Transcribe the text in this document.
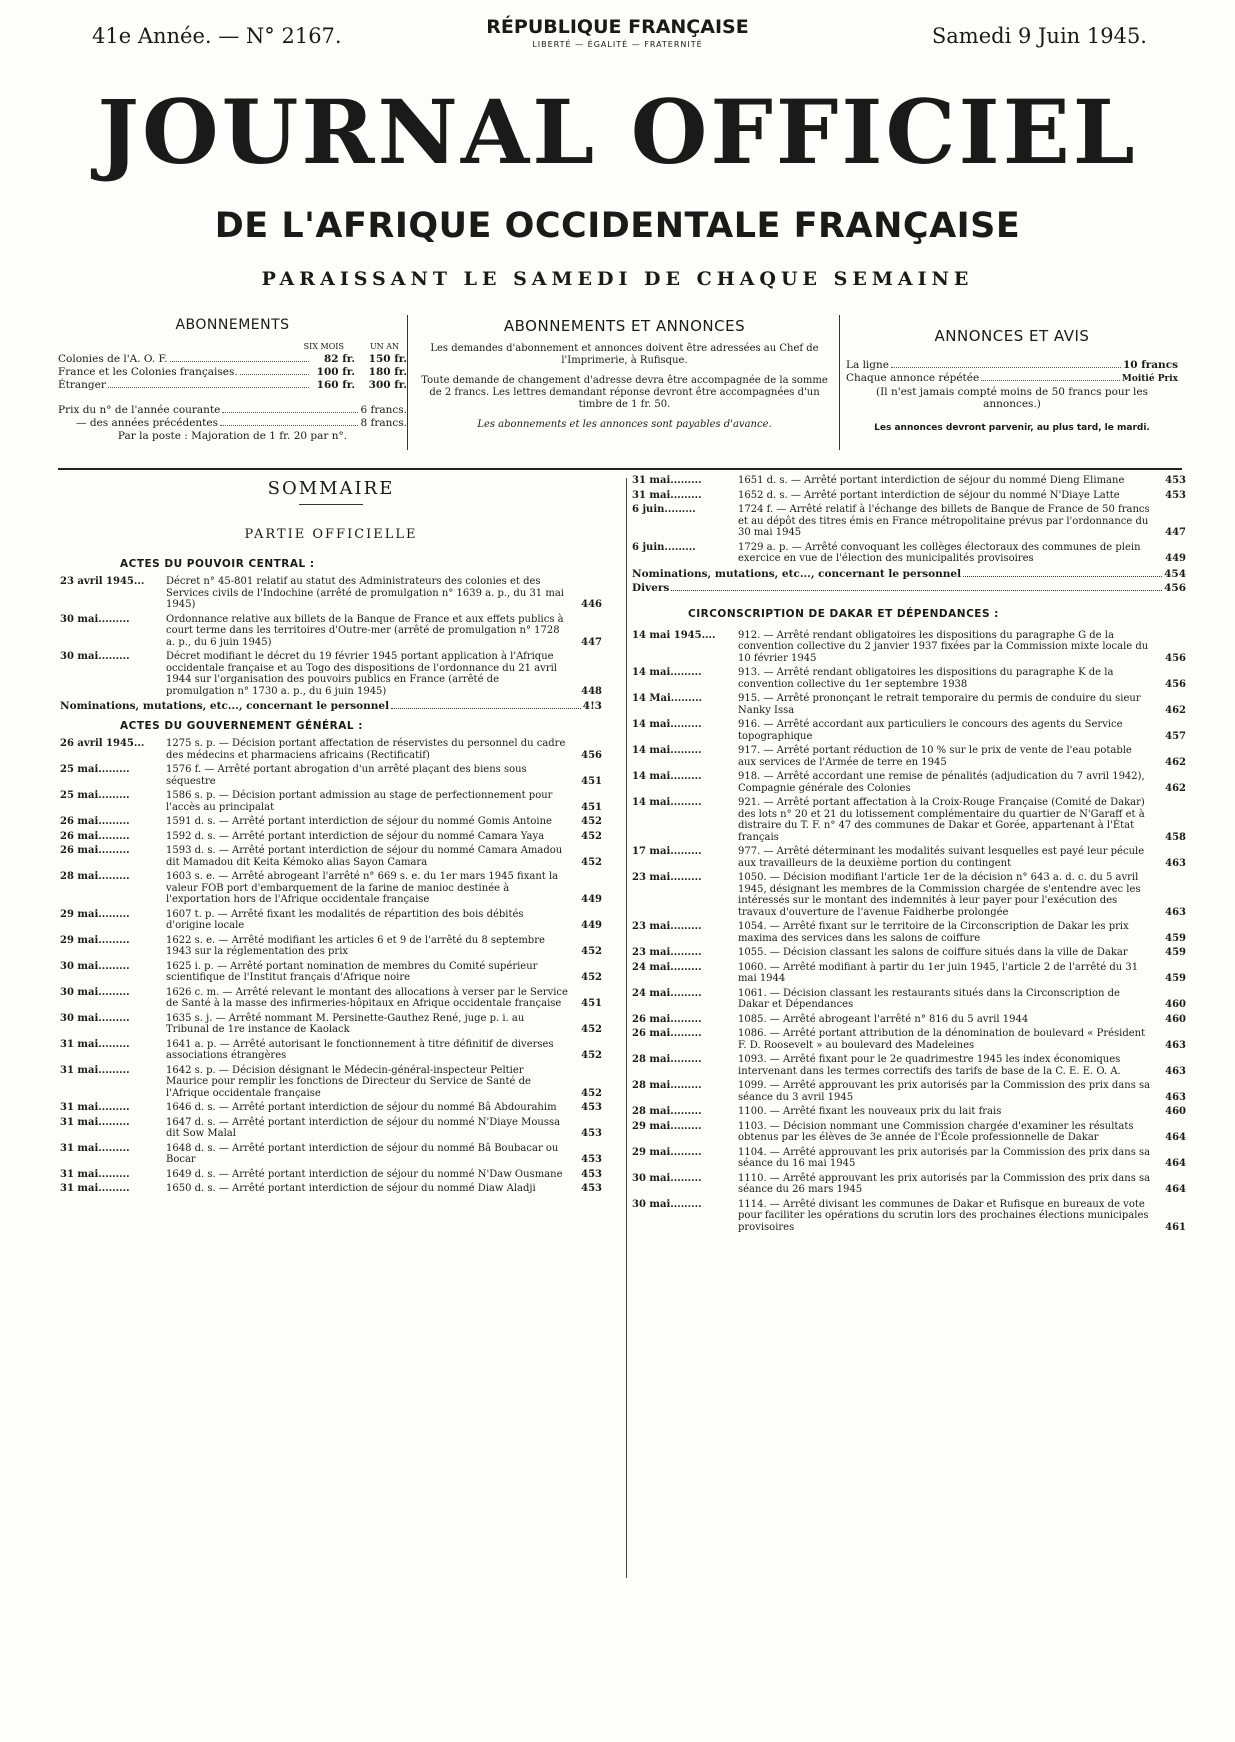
41e Année. — N° 2167.	RÉPUBLIQUE FRANÇAISE
LIBERTÉ — ÉGALITÉ — FRATERNITÉ	Samedi 9 Juin 1945.
JOURNAL OFFICIEL
DE L'AFRIQUE OCCIDENTALE FRANÇAISE
PARAISSANT LE SAMEDI DE CHAQUE SEMAINE
ABONNEMENTS
SIX MOIS	UN AN
Colonies de l'A. O. F.	82 fr.	150 fr.
France et les Colonies françaises.	100 fr.	180 fr.
Étranger	160 fr.	300 fr.
Prix du n° de l'année courante	6 francs.
— des années précédentes	8 francs.
Par la poste : Majoration de 1 fr. 20 par n°.
ABONNEMENTS ET ANNONCES
Les demandes d'abonnement et annonces doivent être adressées au Chef de l'Imprimerie, à Rufisque.
Toute demande de changement d'adresse devra être accompagnée de la somme de 2 francs. Les lettres demandant réponse devront être accompagnées d'un timbre de 1 fr. 50.
Les abonnements et les annonces sont payables d'avance.
ANNONCES ET AVIS
La ligne	10 francs
Chaque annonce répétée	Moitié Prix
(Il n'est jamais compté moins de 50 francs pour les annonces.)
Les annonces devront parvenir, au plus tard, le mardi.
SOMMAIRE
PARTIE OFFICIELLE
ACTES DU POUVOIR CENTRAL :
23 avril 1945...	Décret n° 45-801 relatif au statut des Administrateurs des colonies et des Services civils de l'Indochine (arrêté de promulgation n° 1639 a. p., du 31 mai 1945)	446
30 mai.........	Ordonnance relative aux billets de la Banque de France et aux effets publics à court terme dans les territoires d'Outre-mer (arrêté de promulgation n° 1728 a. p., du 6 juin 1945)	447
30 mai.........	Décret modifiant le décret du 19 février 1945 portant application à l'Afrique occidentale française et au Togo des dispositions de l'ordonnance du 21 avril 1944 sur l'organisation des pouvoirs publics en France (arrêté de promulgation n° 1730 a. p., du 6 juin 1945)	448
Nominations, mutations, etc..., concernant le personnel	4!3
ACTES DU GOUVERNEMENT GÉNÉRAL :
26 avril 1945...	1275 s. p. — Décision portant affectation de réservistes du personnel du cadre des médecins et pharmaciens africains (Rectificatif)	456
25 mai.........	1576 f. — Arrêté portant abrogation d'un arrêté plaçant des biens sous séquestre	451
25 mai.........	1586 s. p. — Décision portant admission au stage de perfectionnement pour l'accès au principalat	451
26 mai.........	1591 d. s. — Arrêté portant interdiction de séjour du nommé Gomis Antoine	452
26 mai.........	1592 d. s. — Arrêté portant interdiction de séjour du nommé Camara Yaya	452
26 mai.........	1593 d. s. — Arrêté portant interdiction de séjour du nommé Camara Amadou dit Mamadou dit Keita Kémoko alias Sayon Camara	452
28 mai.........	1603 s. e. — Arrêté abrogeant l'arrêté n° 669 s. e. du 1er mars 1945 fixant la valeur FOB port d'embarquement de la farine de manioc destinée à l'exportation hors de l'Afrique occidentale française	449
29 mai.........	1607 t. p. — Arrêté fixant les modalités de répartition des bois débités d'origine locale	449
29 mai.........	1622 s. e. — Arrêté modifiant les articles 6 et 9 de l'arrêté du 8 septembre 1943 sur la réglementation des prix	452
30 mai.........	1625 i. p. — Arrêté portant nomination de membres du Comité supérieur scientifique de l'Institut français d'Afrique noire	452
30 mai.........	1626 c. m. — Arrêté relevant le montant des allocations à verser par le Service de Santé à la masse des infirmeries-hôpitaux en Afrique occidentale française	451
30 mai.........	1635 s. j. — Arrêté nommant M. Persinette-Gauthez René, juge p. i. au Tribunal de 1re instance de Kaolack	452
31 mai.........	1641 a. p. — Arrêté autorisant le fonctionnement à titre définitif de diverses associations étrangères	452
31 mai.........	1642 s. p. — Décision désignant le Médecin-général-inspecteur Peltier Maurice pour remplir les fonctions de Directeur du Service de Santé de l'Afrique occidentale française	452
31 mai.........	1646 d. s. — Arrêté portant interdiction de séjour du nommé Bâ Abdourahim	453
31 mai.........	1647 d. s. — Arrêté portant interdiction de séjour du nommé N'Diaye Moussa dit Sow Malal	453
31 mai.........	1648 d. s. — Arrêté portant interdiction de séjour du nommé Bâ Boubacar ou Bocar	453
31 mai.........	1649 d. s. — Arrêté portant interdiction de séjour du nommé N'Daw Ousmane	453
31 mai.........	1650 d. s. — Arrêté portant interdiction de séjour du nommé Diaw Aladji	453
31 mai.........	1651 d. s. — Arrêté portant interdiction de séjour du nommé Dieng Elimane	453
31 mai.........	1652 d. s. — Arrêté portant interdiction de séjour du nommé N'Diaye Latte	453
6 juin.........	1724 f. — Arrêté relatif à l'échange des billets de Banque de France de 50 francs et au dépôt des titres émis en France métropolitaine prévus par l'ordonnance du 30 mai 1945	447
6 juin.........	1729 a. p. — Arrêté convoquant les collèges électoraux des communes de plein exercice en vue de l'élection des municipalités provisoires	449
Nominations, mutations, etc..., concernant le personnel	454
Divers	456
CIRCONSCRIPTION DE DAKAR ET DÉPENDANCES :
14 mai 1945....	912. — Arrêté rendant obligatoires les dispositions du paragraphe G de la convention collective du 2 janvier 1937 fixées par la Commission mixte locale du 10 février 1945	456
14 mai.........	913. — Arrêté rendant obligatoires les dispositions du paragraphe K de la convention collective du 1er septembre 1938	456
14 Mai.........	915. — Arrêté prononçant le retrait temporaire du permis de conduire du sieur Nanky Issa	462
14 mai.........	916. — Arrêté accordant aux particuliers le concours des agents du Service topographique	457
14 mai.........	917. — Arrêté portant réduction de 10 % sur le prix de vente de l'eau potable aux services de l'Armée de terre en 1945	462
14 mai.........	918. — Arrêté accordant une remise de pénalités (adjudication du 7 avril 1942), Compagnie générale des Colonies	462
14 mai.........	921. — Arrêté portant affectation à la Croix-Rouge Française (Comité de Dakar) des lots n° 20 et 21 du lotissement complémentaire du quartier de N'Garaff et à distraire du T. F. n° 47 des communes de Dakar et Gorée, appartenant à l'État français	458
17 mai.........	977. — Arrêté déterminant les modalités suivant lesquelles est payé leur pécule aux travailleurs de la deuxième portion du contingent	463
23 mai.........	1050. — Décision modifiant l'article 1er de la décision n° 643 a. d. c. du 5 avril 1945, désignant les membres de la Commission chargée de s'entendre avec les intéressés sur le montant des indemnités à leur payer pour l'exécution des travaux d'ouverture de l'avenue Faidherbe prolongée	463
23 mai.........	1054. — Arrêté fixant sur le territoire de la Circonscription de Dakar les prix maxima des services dans les salons de coiffure	459
23 mai.........	1055. — Décision classant les salons de coiffure situés dans la ville de Dakar	459
24 mai.........	1060. — Arrêté modifiant à partir du 1er juin 1945, l'article 2 de l'arrêté du 31 mai 1944	459
24 mai.........	1061. — Décision classant les restaurants situés dans la Circonscription de Dakar et Dépendances	460
26 mai.........	1085. — Arrêté abrogeant l'arrêté n° 816 du 5 avril 1944	460
26 mai.........	1086. — Arrêté portant attribution de la dénomination de boulevard « Président F. D. Roosevelt » au boulevard des Madeleines	463
28 mai.........	1093. — Arrêté fixant pour le 2e quadrimestre 1945 les index économiques intervenant dans les termes correctifs des tarifs de base de la C. E. E. O. A.	463
28 mai.........	1099. — Arrêté approuvant les prix autorisés par la Commission des prix dans sa séance du 3 avril 1945	463
28 mai.........	1100. — Arrêté fixant les nouveaux prix du lait frais	460
29 mai.........	1103. — Décision nommant une Commission chargée d'examiner les résultats obtenus par les élèves de 3e année de l'École professionnelle de Dakar	464
29 mai.........	1104. — Arrêté approuvant les prix autorisés par la Commission des prix dans sa séance du 16 mai 1945	464
30 mai.........	1110. — Arrêté approuvant les prix autorisés par la Commission des prix dans sa séance du 26 mars 1945	464
30 mai.........	1114. — Arrêté divisant les communes de Dakar et Rufisque en bureaux de vote pour faciliter les opérations du scrutin lors des prochaines élections municipales provisoires	461
